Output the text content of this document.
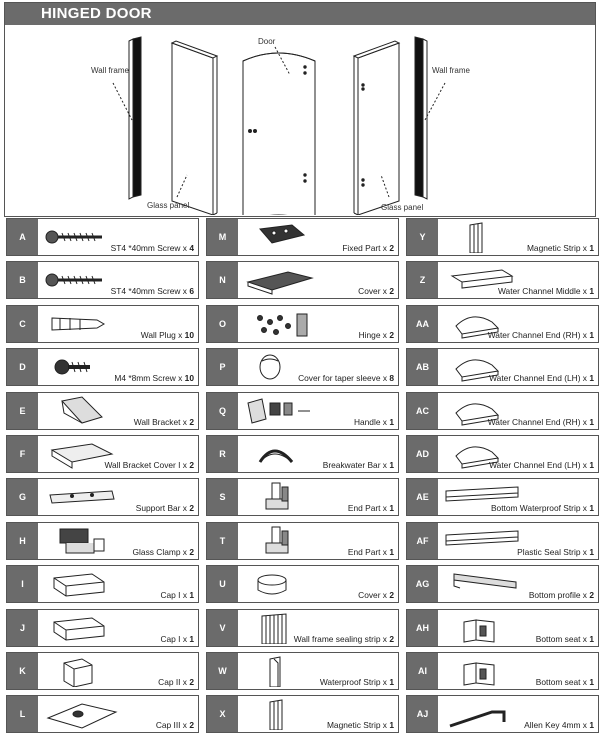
HINGED DOOR
Wall frame
Door
Wall frame
Glass panel	Glass panel
A
ST4 *40mm Screw x 4
B
ST4 *40mm Screw x 6
C
Wall Plug x 10
D
M4 *8mm Screw x 10
E
Wall Bracket x 2
F
Wall Bracket Cover I x 2
G
Support Bar x 2
H
Glass Clamp x 2
I
Cap I x 1
J
Cap I x 1
K
Cap II x 2
L
Cap III x 2
M
Fixed Part x 2
N
Cover x 2
O
Hinge x 2
P
Cover for taper sleeve x 8
Q
Handle x 1
R
Breakwater Bar x 1
S
End Part x 1
T
End Part x 1
U
Cover x 2
V
Wall frame sealing strip x 2
W
Waterproof Strip x 1
X
Magnetic Strip x 1
Y
Magnetic Strip x 1
Z
Water Channel Middle x 1
AA
Water Channel End (RH) x 1
AB
Water Channel End (LH) x 1
AC
Water Channel End (RH) x 1
AD
Water Channel End (LH) x 1
AE
Bottom Waterproof Strip x 1
AF
Plastic Seal Strip x 1
AG
Bottom profile x 2
AH
Bottom seat x 1
AI
Bottom seat x 1
AJ
Allen Key 4mm x 1
